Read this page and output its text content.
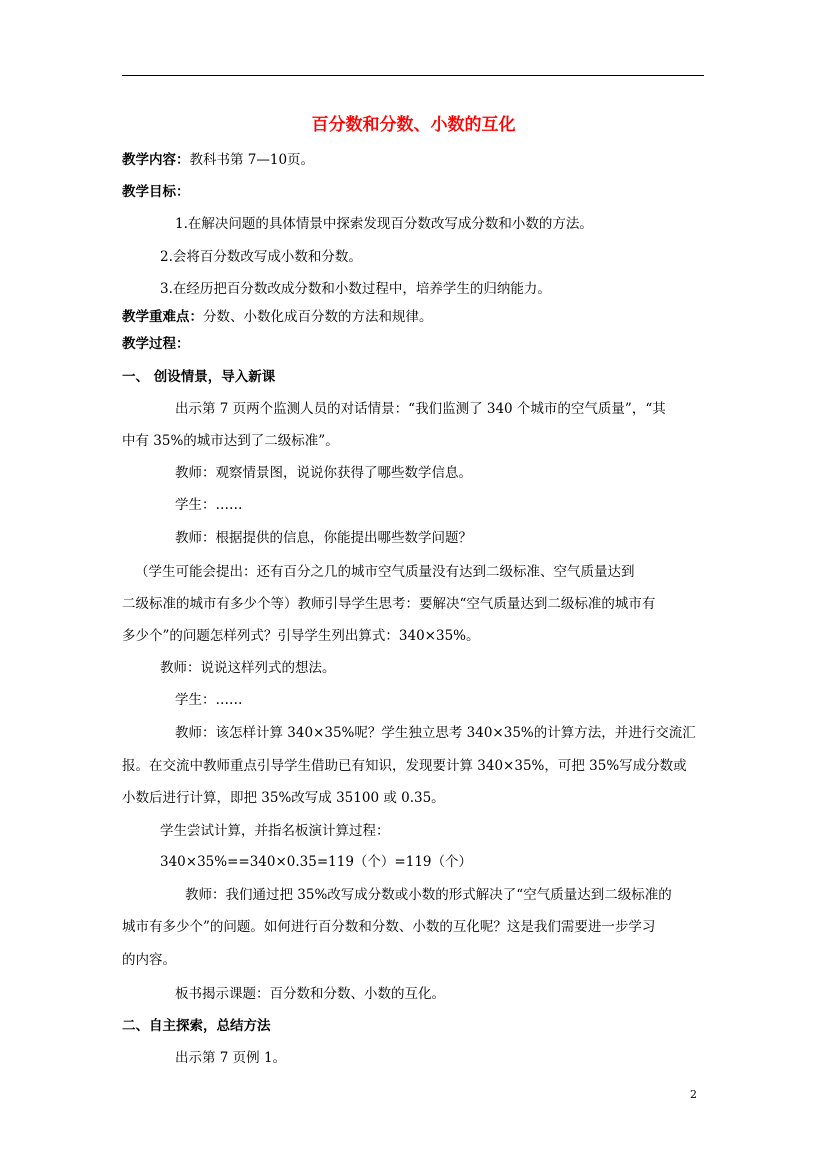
百分数和分数、小数的互化
教学内容：教科书第 7—10页。
教学目标：
1.在解决问题的具体情景中探索发现百分数改写成分数和小数的方法。
2.会将百分数改写成小数和分数。
3.在经历把百分数改成分数和小数过程中，培养学生的归纳能力。
教学重难点：分数、小数化成百分数的方法和规律。
教学过程：
一、 创设情景，导入新课
出示第 7 页两个监测人员的对话情景：“我们监测了 340 个城市的空气质量”，“其
中有 35%的城市达到了二级标准”。
教师：观察情景图，说说你获得了哪些数学信息。
学生：……
教师：根据提供的信息，你能提出哪些数学问题？
（学生可能会提出：还有百分之几的城市空气质量没有达到二级标准、空气质量达到
二级标准的城市有多少个等）教师引导学生思考：要解决“空气质量达到二级标准的城市有
多少个”的问题怎样列式？引导学生列出算式：340×35%。
教师：说说这样列式的想法。
学生：……
教师：该怎样计算 340×35%呢？学生独立思考 340×35%的计算方法，并进行交流汇
报。在交流中教师重点引导学生借助已有知识，发现要计算 340×35%，可把 35%写成分数或
小数后进行计算，即把 35%改写成 35100 或 0.35。
学生尝试计算，并指名板演计算过程：
340×35%==340×0.35=119（个）=119（个）
教师：我们通过把 35%改写成分数或小数的形式解决了“空气质量达到二级标准的
城市有多少个”的问题。如何进行百分数和分数、小数的互化呢？这是我们需要进一步学习
的内容。
板书揭示课题：百分数和分数、小数的互化。
二、自主探索，总结方法
出示第 7 页例 1。
2
